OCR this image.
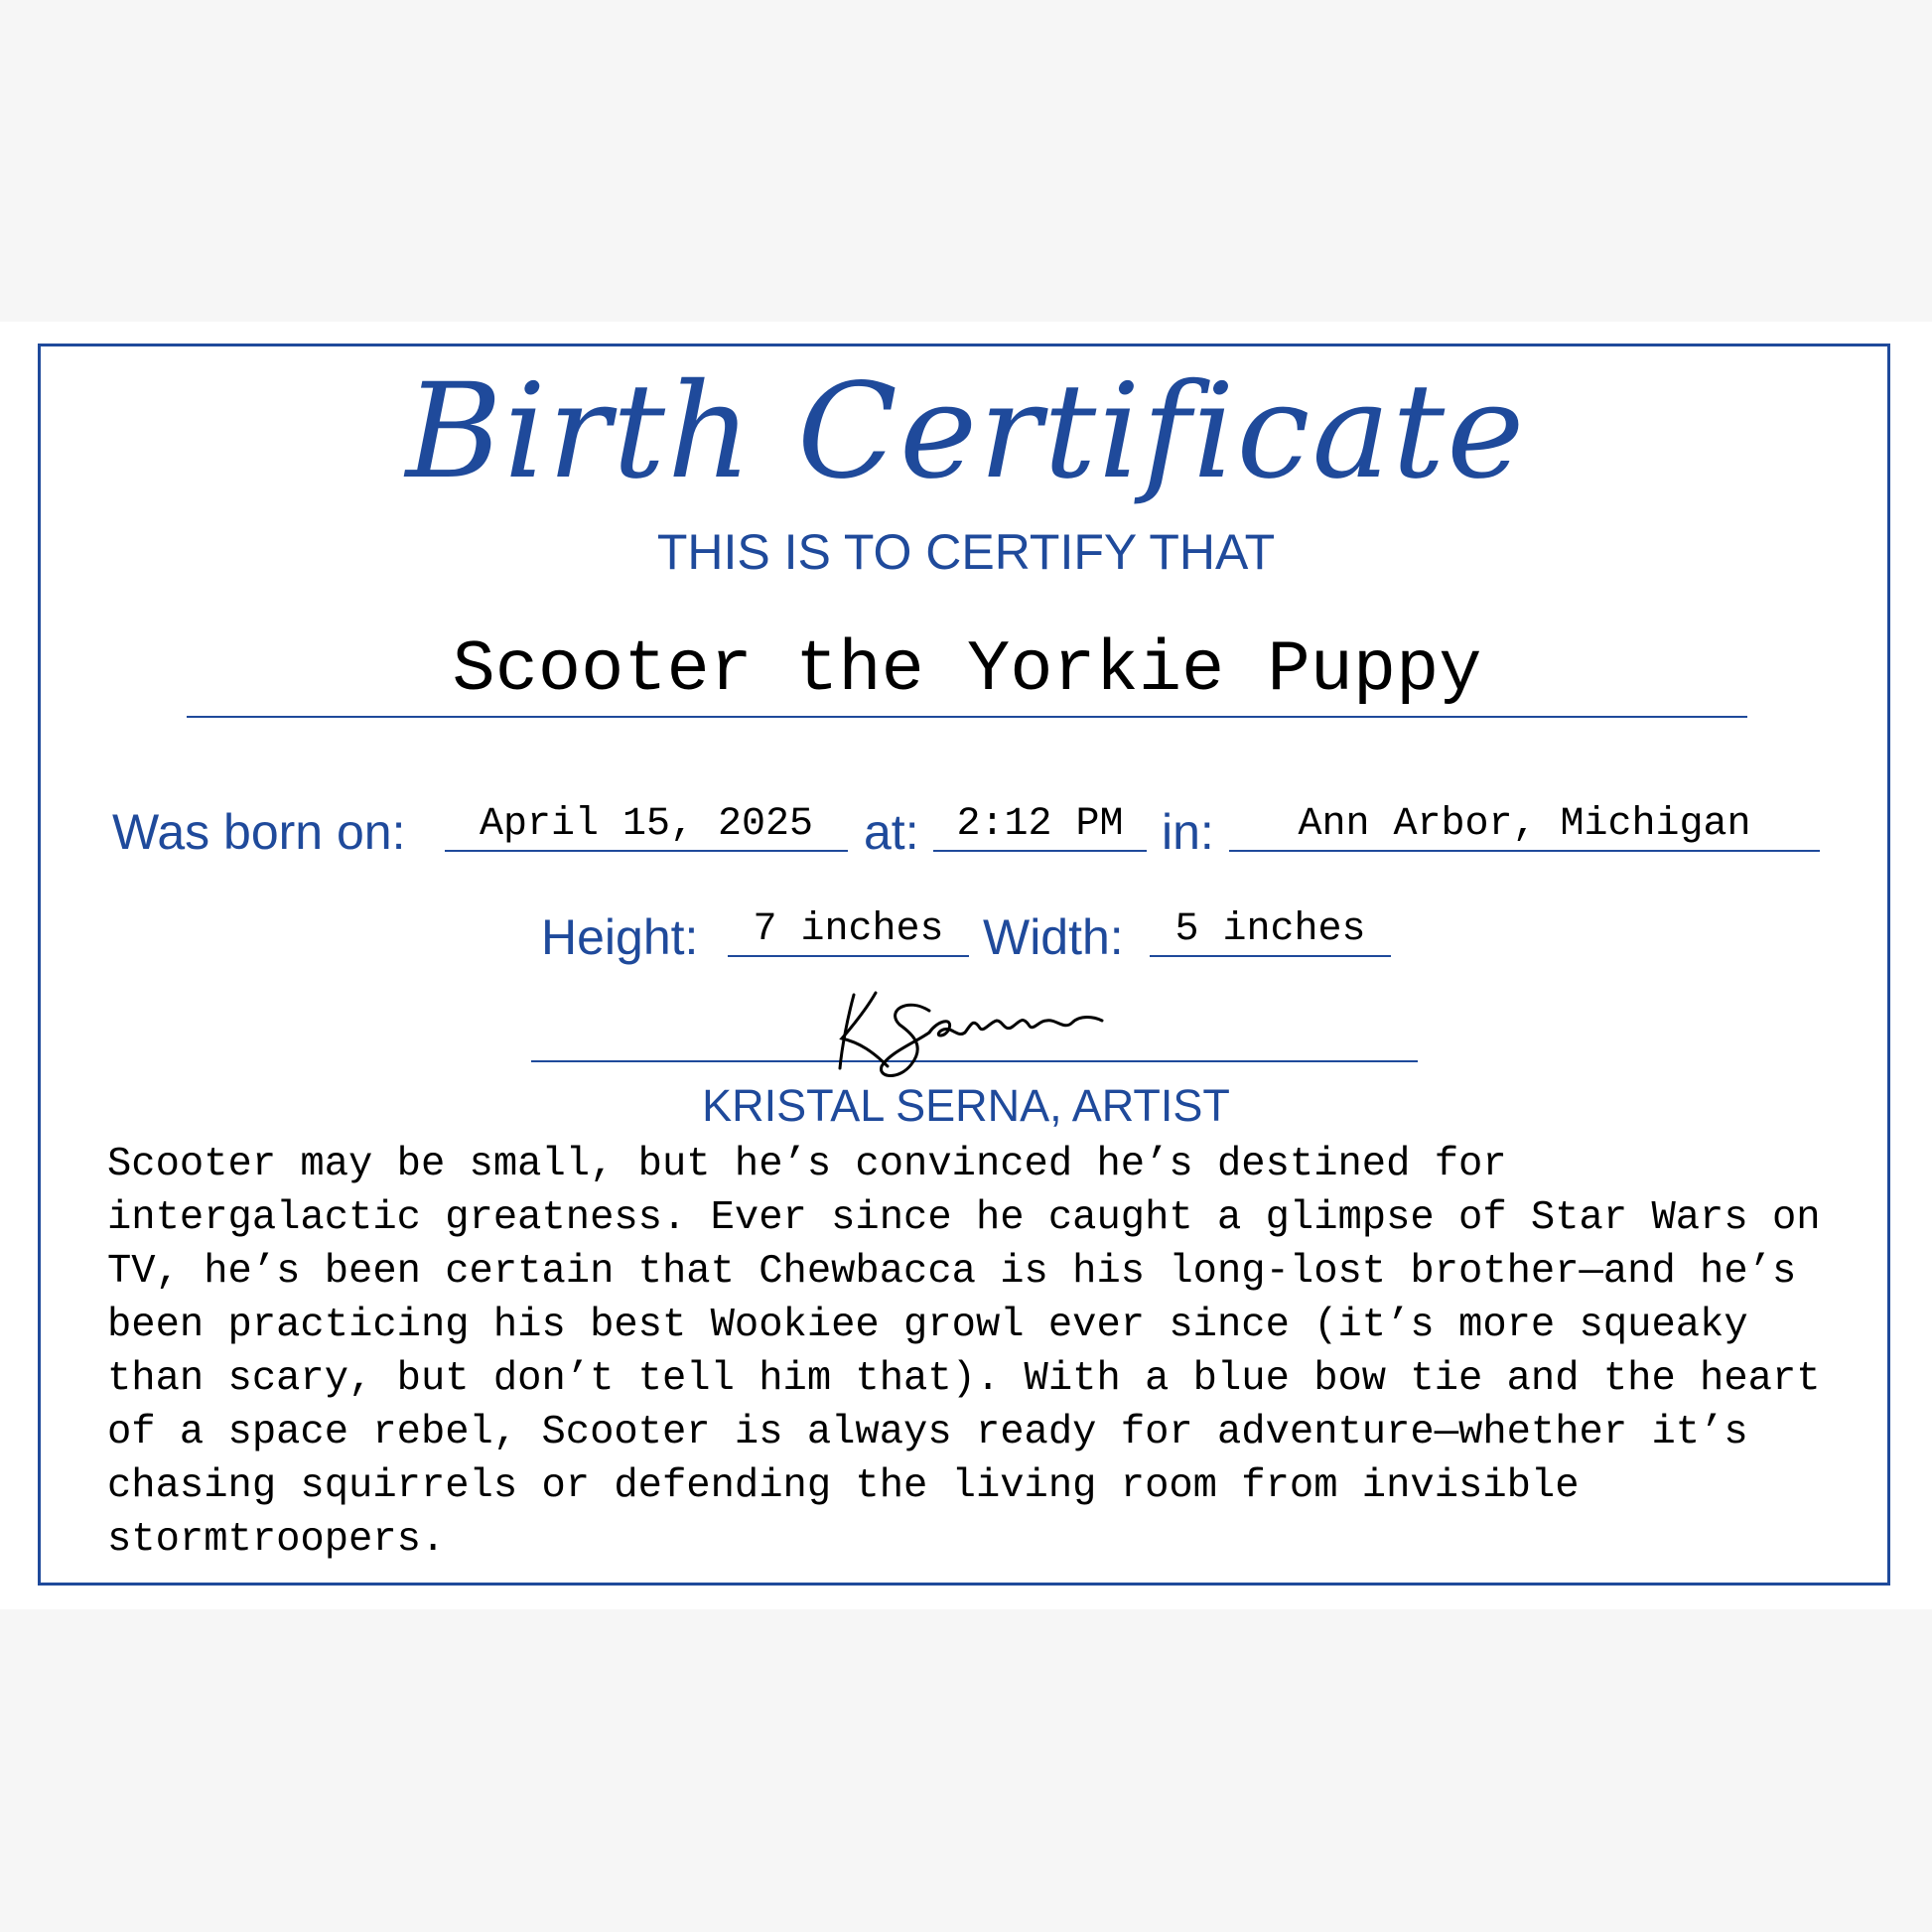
Birth Certificate
THIS IS TO CERTIFY THAT
Scooter the Yorkie Puppy
Was born on:	April 15, 2025	at: 2:12 PM in:	Ann Arbor, Michigan
Height:	7 inches Width:	5 inches
KRISTAL SERNA, ARTIST
Scooter may be small, but he’s convinced he’s destined for
intergalactic greatness. Ever since he caught a glimpse of Star Wars on
TV, he’s been certain that Chewbacca is his long-lost brother—and he’s
been practicing his best Wookiee growl ever since (it’s more squeaky
than scary, but don’t tell him that). With a blue bow tie and the heart
of a space rebel, Scooter is always ready for adventure—whether it’s
chasing squirrels or defending the living room from invisible
stormtroopers.
